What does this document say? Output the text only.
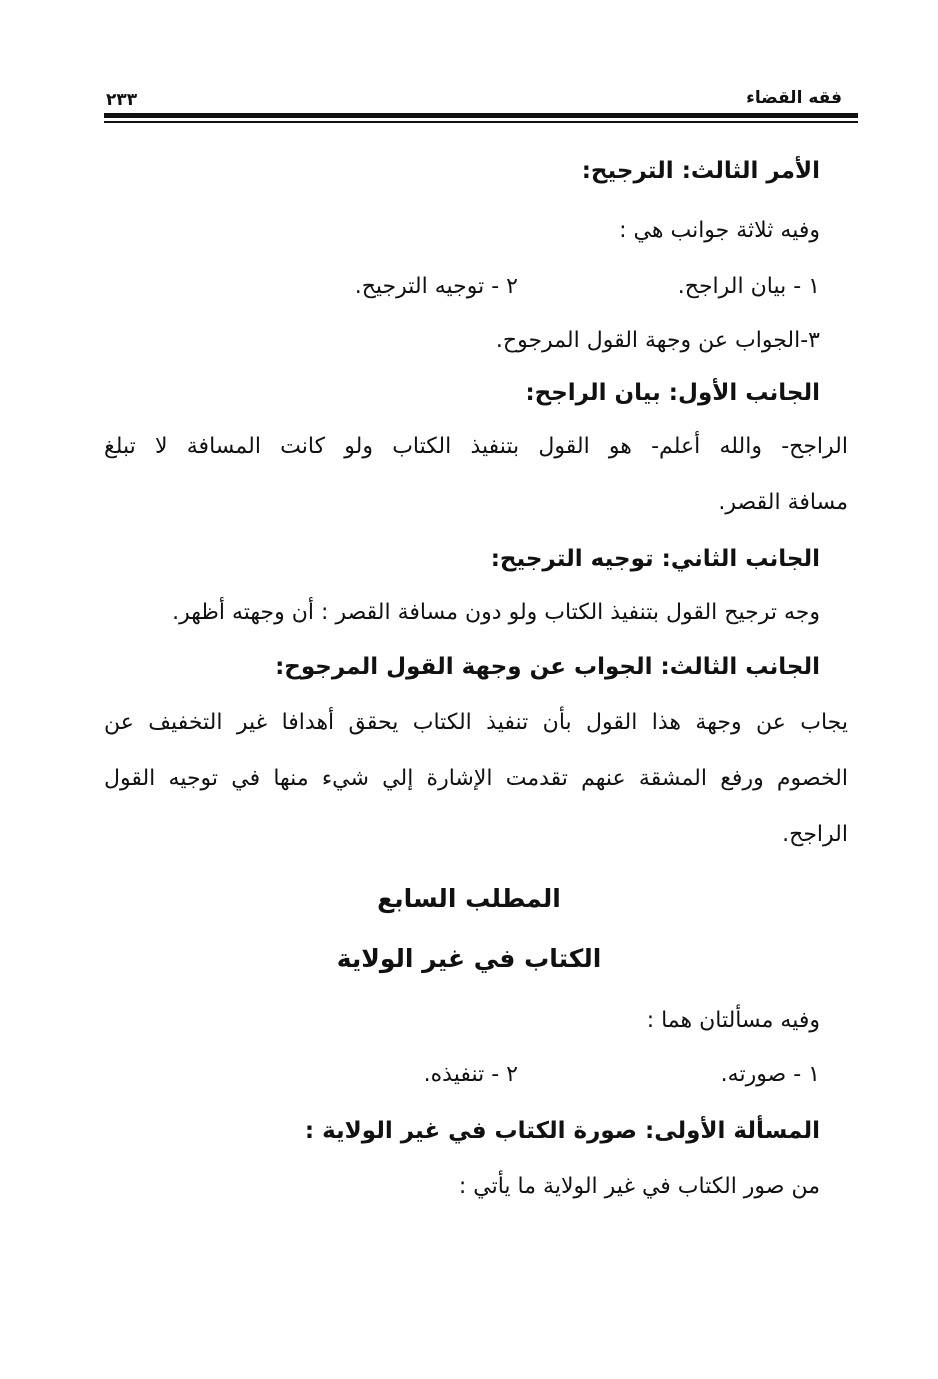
فقه القضاء
٢٣٣
الأمر الثالث: الترجيح:
وفيه ثلاثة جوانب هي :
١ - بيان الراجح.
٢ - توجيه الترجيح.
٣-الجواب عن وجهة القول المرجوح.
الجانب الأول: بيان الراجح:
الراجح- والله أعلم- هو القول بتنفيذ الكتاب ولو كانت المسافة لا تبلغ
مسافة القصر.
الجانب الثاني: توجيه الترجيح:
وجه ترجيح القول بتنفيذ الكتاب ولو دون مسافة القصر : أن وجهته أظهر.
الجانب الثالث: الجواب عن وجهة القول المرجوح:
يجاب عن وجهة هذا القول بأن تنفيذ الكتاب يحقق أهدافا غير التخفيف عن
الخصوم ورفع المشقة عنهم تقدمت الإشارة إلي شيء منها في توجيه القول
الراجح.
المطلب السابع
الكتاب في غير الولاية
وفيه مسألتان هما :
١ - صورته.
٢ - تنفيذه.
المسألة الأولى: صورة الكتاب في غير الولاية :
من صور الكتاب في غير الولاية ما يأتي :
